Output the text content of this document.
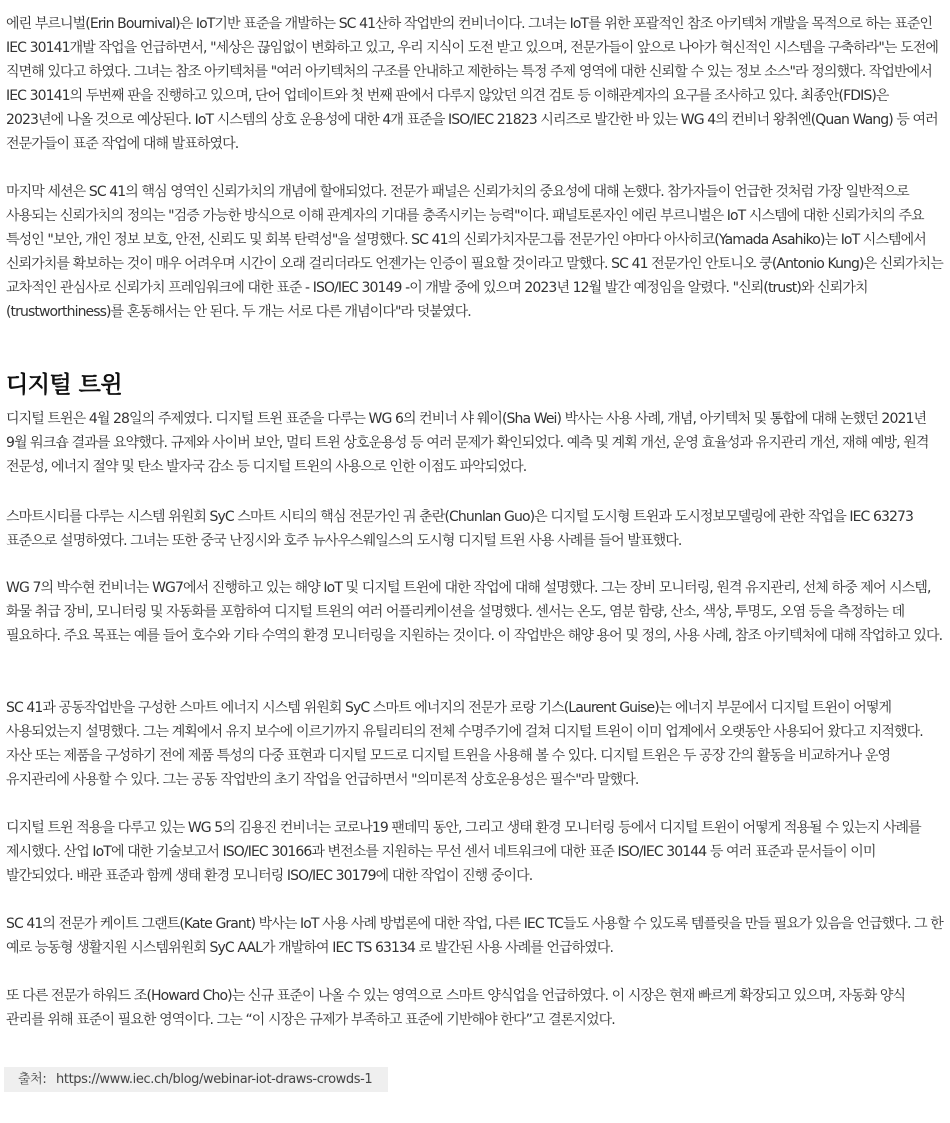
에린 부르니벌(Erin Bournival)은 IoT기반 표준을 개발하는 SC 41산하 작업반의 컨비너이다. 그녀는 IoT를 위한 포괄적인 참조 아키텍처 개발을 목적으로 하는 표준인 IEC 30141개발 작업을 언급하면서, "세상은 끊임없이 변화하고 있고, 우리 지식이 도전 받고 있으며, 전문가들이 앞으로 나아가 혁신적인 시스템을 구축하라"는 도전에 직면해 있다고 하였다. 그녀는 참조 아키텍처를 "여러 아키텍처의 구조를 안내하고 제한하는 특정 주제 영역에 대한 신뢰할 수 있는 정보 소스"라 정의했다. 작업반에서 IEC 30141의 두번째 판을 진행하고 있으며, 단어 업데이트와 첫 번째 판에서 다루지 않았던 의견 검토 등 이해관계자의 요구를 조사하고 있다. 최종안(FDIS)은 2023년에 나올 것으로 예상된다. IoT 시스템의 상호 운용성에 대한 4개 표준을 ISO/IEC 21823 시리즈로 발간한 바 있는 WG 4의 컨비너 왕취엔(Quan Wang) 등 여러 전문가들이 표준 작업에 대해 발표하였다.

마지막 세션은 SC 41의 핵심 영역인 신뢰가치의 개념에 할애되었다. 전문가 패널은 신뢰가치의 중요성에 대해 논했다. 참가자들이 언급한 것처럼 가장 일반적으로 사용되는 신뢰가치의 정의는 "검증 가능한 방식으로 이해 관계자의 기대를 충족시키는 능력"이다. 패널토론자인 에린 부르니벌은 IoT 시스템에 대한 신뢰가치의 주요 특성인 "보안, 개인 정보 보호, 안전, 신뢰도 및 회복 탄력성"을 설명했다. SC 41의 신뢰가치자문그룹 전문가인 야마다 아사히코(Yamada Asahiko)는 IoT 시스템에서 신뢰가치를 확보하는 것이 매우 어려우며 시간이 오래 걸리더라도 언젠가는 인증이 필요할 것이라고 말했다. SC 41 전문가인 안토니오 쿵(Antonio Kung)은 신뢰가치는 교차적인 관심사로 신뢰가치 프레임워크에 대한 표준 - ISO/IEC 30149 -이 개발 중에 있으며 2023년 12월 발간 예정임을 알렸다. "신뢰(trust)와 신뢰가치(trustworthiness)를 혼동해서는 안 된다. 두 개는 서로 다른 개념이다"라 덧붙였다.

디지털 트윈

디지털 트윈은 4월 28일의 주제였다. 디지털 트윈 표준을 다루는 WG 6의 컨비너 샤 웨이(Sha Wei) 박사는 사용 사례, 개념, 아키텍처 및 통합에 대해 논했던 2021년 9월 워크숍 결과를 요약했다. 규제와 사이버 보안, 멀티 트윈 상호운용성 등 여러 문제가 확인되었다. 예측 및 계획 개선, 운영 효율성과 유지관리 개선, 재해 예방, 원격 전문성, 에너지 절약 및 탄소 발자국 감소 등 디지털 트윈의 사용으로 인한 이점도 파악되었다.

스마트시티를 다루는 시스템 위원회 SyC 스마트 시티의 핵심 전문가인 궈 춘란(Chunlan Guo)은 디지털 도시형 트윈과 도시정보모델링에 관한 작업을 IEC 63273 표준으로 설명하였다. 그녀는 또한 중국 난징시와 호주 뉴사우스웨일스의 도시형 디지털 트윈 사용 사례를 들어 발표했다.

WG 7의 박수현 컨비너는 WG7에서 진행하고 있는 해양 IoT 및 디지털 트윈에 대한 작업에 대해 설명했다. 그는 장비 모니터링, 원격 유지관리, 선체 하중 제어 시스템, 화물 취급 장비, 모니터링 및 자동화를 포함하여 디지털 트윈의 여러 어플리케이션을 설명했다. 센서는 온도, 염분 함량, 산소, 색상, 투명도, 오염 등을 측정하는 데 필요하다. 주요 목표는 예를 들어 호수와 기타 수역의 환경 모니터링을 지원하는 것이다. 이 작업반은 해양 용어 및 정의, 사용 사례, 참조 아키텍처에 대해 작업하고 있다.

SC 41과 공동작업반을 구성한 스마트 에너지 시스템 위원회 SyC 스마트 에너지의 전문가 로랑 기스(Laurent Guise)는 에너지 부문에서 디지털 트윈이 어떻게 사용되었는지 설명했다. 그는 계획에서 유지 보수에 이르기까지 유틸리티의 전체 수명주기에 걸쳐 디지털 트윈이 이미 업계에서 오랫동안 사용되어 왔다고 지적했다. 자산 또는 제품을 구성하기 전에 제품 특성의 다중 표현과 디지털 모드로 디지털 트윈을 사용해 볼 수 있다. 디지털 트윈은 두 공장 간의 활동을 비교하거나 운영 유지관리에 사용할 수 있다. 그는 공동 작업반의 초기 작업을 언급하면서 "의미론적 상호운용성은 필수"라 말했다.

디지털 트윈 적용을 다루고 있는 WG 5의 김용진 컨비너는 코로나19 팬데믹 동안, 그리고 생태 환경 모니터링 등에서 디지털 트윈이 어떻게 적용될 수 있는지 사례를 제시했다. 산업 IoT에 대한 기술보고서 ISO/IEC 30166과 변전소를 지원하는 무선 센서 네트워크에 대한 표준 ISO/IEC 30144 등 여러 표준과 문서들이 이미 발간되었다. 배관 표준과 함께 생태 환경 모니터링 ISO/IEC 30179에 대한 작업이 진행 중이다.

SC 41의 전문가 케이트 그랜트(Kate Grant) 박사는 IoT 사용 사례 방법론에 대한 작업, 다른 IEC TC들도 사용할 수 있도록 템플릿을 만들 필요가 있음을 언급했다. 그 한 예로 능동형 생활지원 시스템위원회 SyC AAL가 개발하여 IEC TS 63134 로 발간된 사용 사례를 언급하였다.

또 다른 전문가 하워드 조(Howard Cho)는 신규 표준이 나올 수 있는 영역으로 스마트 양식업을 언급하였다. 이 시장은 현재 빠르게 확장되고 있으며, 자동화 양식 관리를 위해 표준이 필요한 영역이다. 그는 “이 시장은 규제가 부족하고 표준에 기반해야 한다”고 결론지었다.

출처: https://www.iec.ch/blog/webinar-iot-draws-crowds-1
